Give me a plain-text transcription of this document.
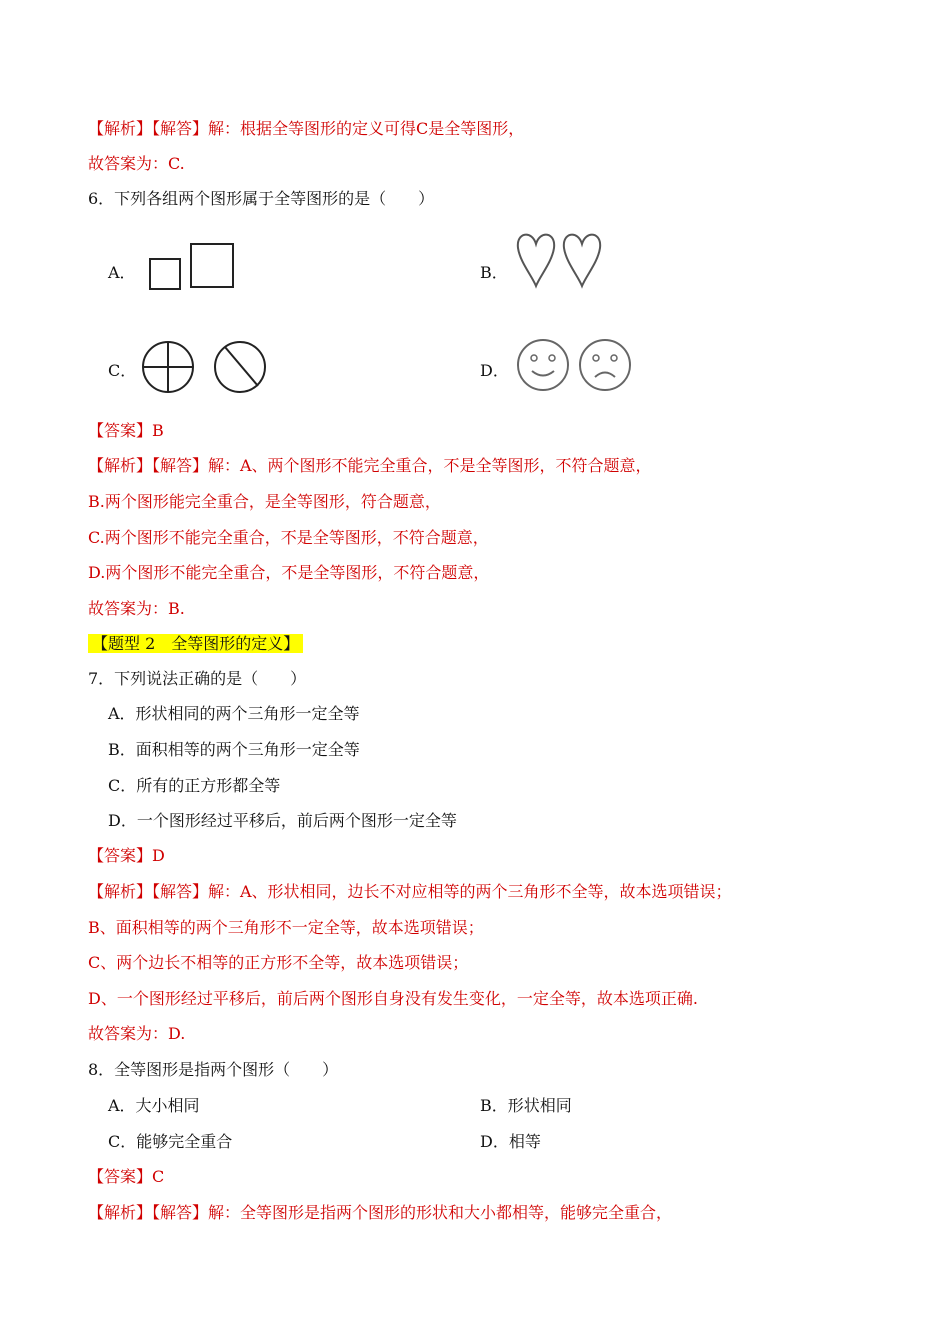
【解析】【解答】解：根据全等图形的定义可得C是全等图形，
故答案为：C.
6．下列各组两个图形属于全等图形的是（　　）
A．	B．
C．	D．
【答案】B
【解析】【解答】解：A、两个图形不能完全重合，不是全等图形，不符合题意，
B.两个图形能完全重合，是全等图形，符合题意，
C.两个图形不能完全重合，不是全等图形，不符合题意，
D.两个图形不能完全重合，不是全等图形，不符合题意，
故答案为：B.
【题型 2　全等图形的定义】
7．下列说法正确的是（　　）
A．形状相同的两个三角形一定全等
B．面积相等的两个三角形一定全等
C．所有的正方形都全等
D．一个图形经过平移后，前后两个图形一定全等
【答案】D
【解析】【解答】解：A、形状相同，边长不对应相等的两个三角形不全等，故本选项错误；
B、面积相等的两个三角形不一定全等，故本选项错误；
C、两个边长不相等的正方形不全等，故本选项错误；
D、一个图形经过平移后，前后两个图形自身没有发生变化，一定全等，故本选项正确.
故答案为：D.
8．全等图形是指两个图形（　　）
A．大小相同	B．形状相同
C．能够完全重合	D．相等
【答案】C
【解析】【解答】解：全等图形是指两个图形的形状和大小都相等，能够完全重合，
